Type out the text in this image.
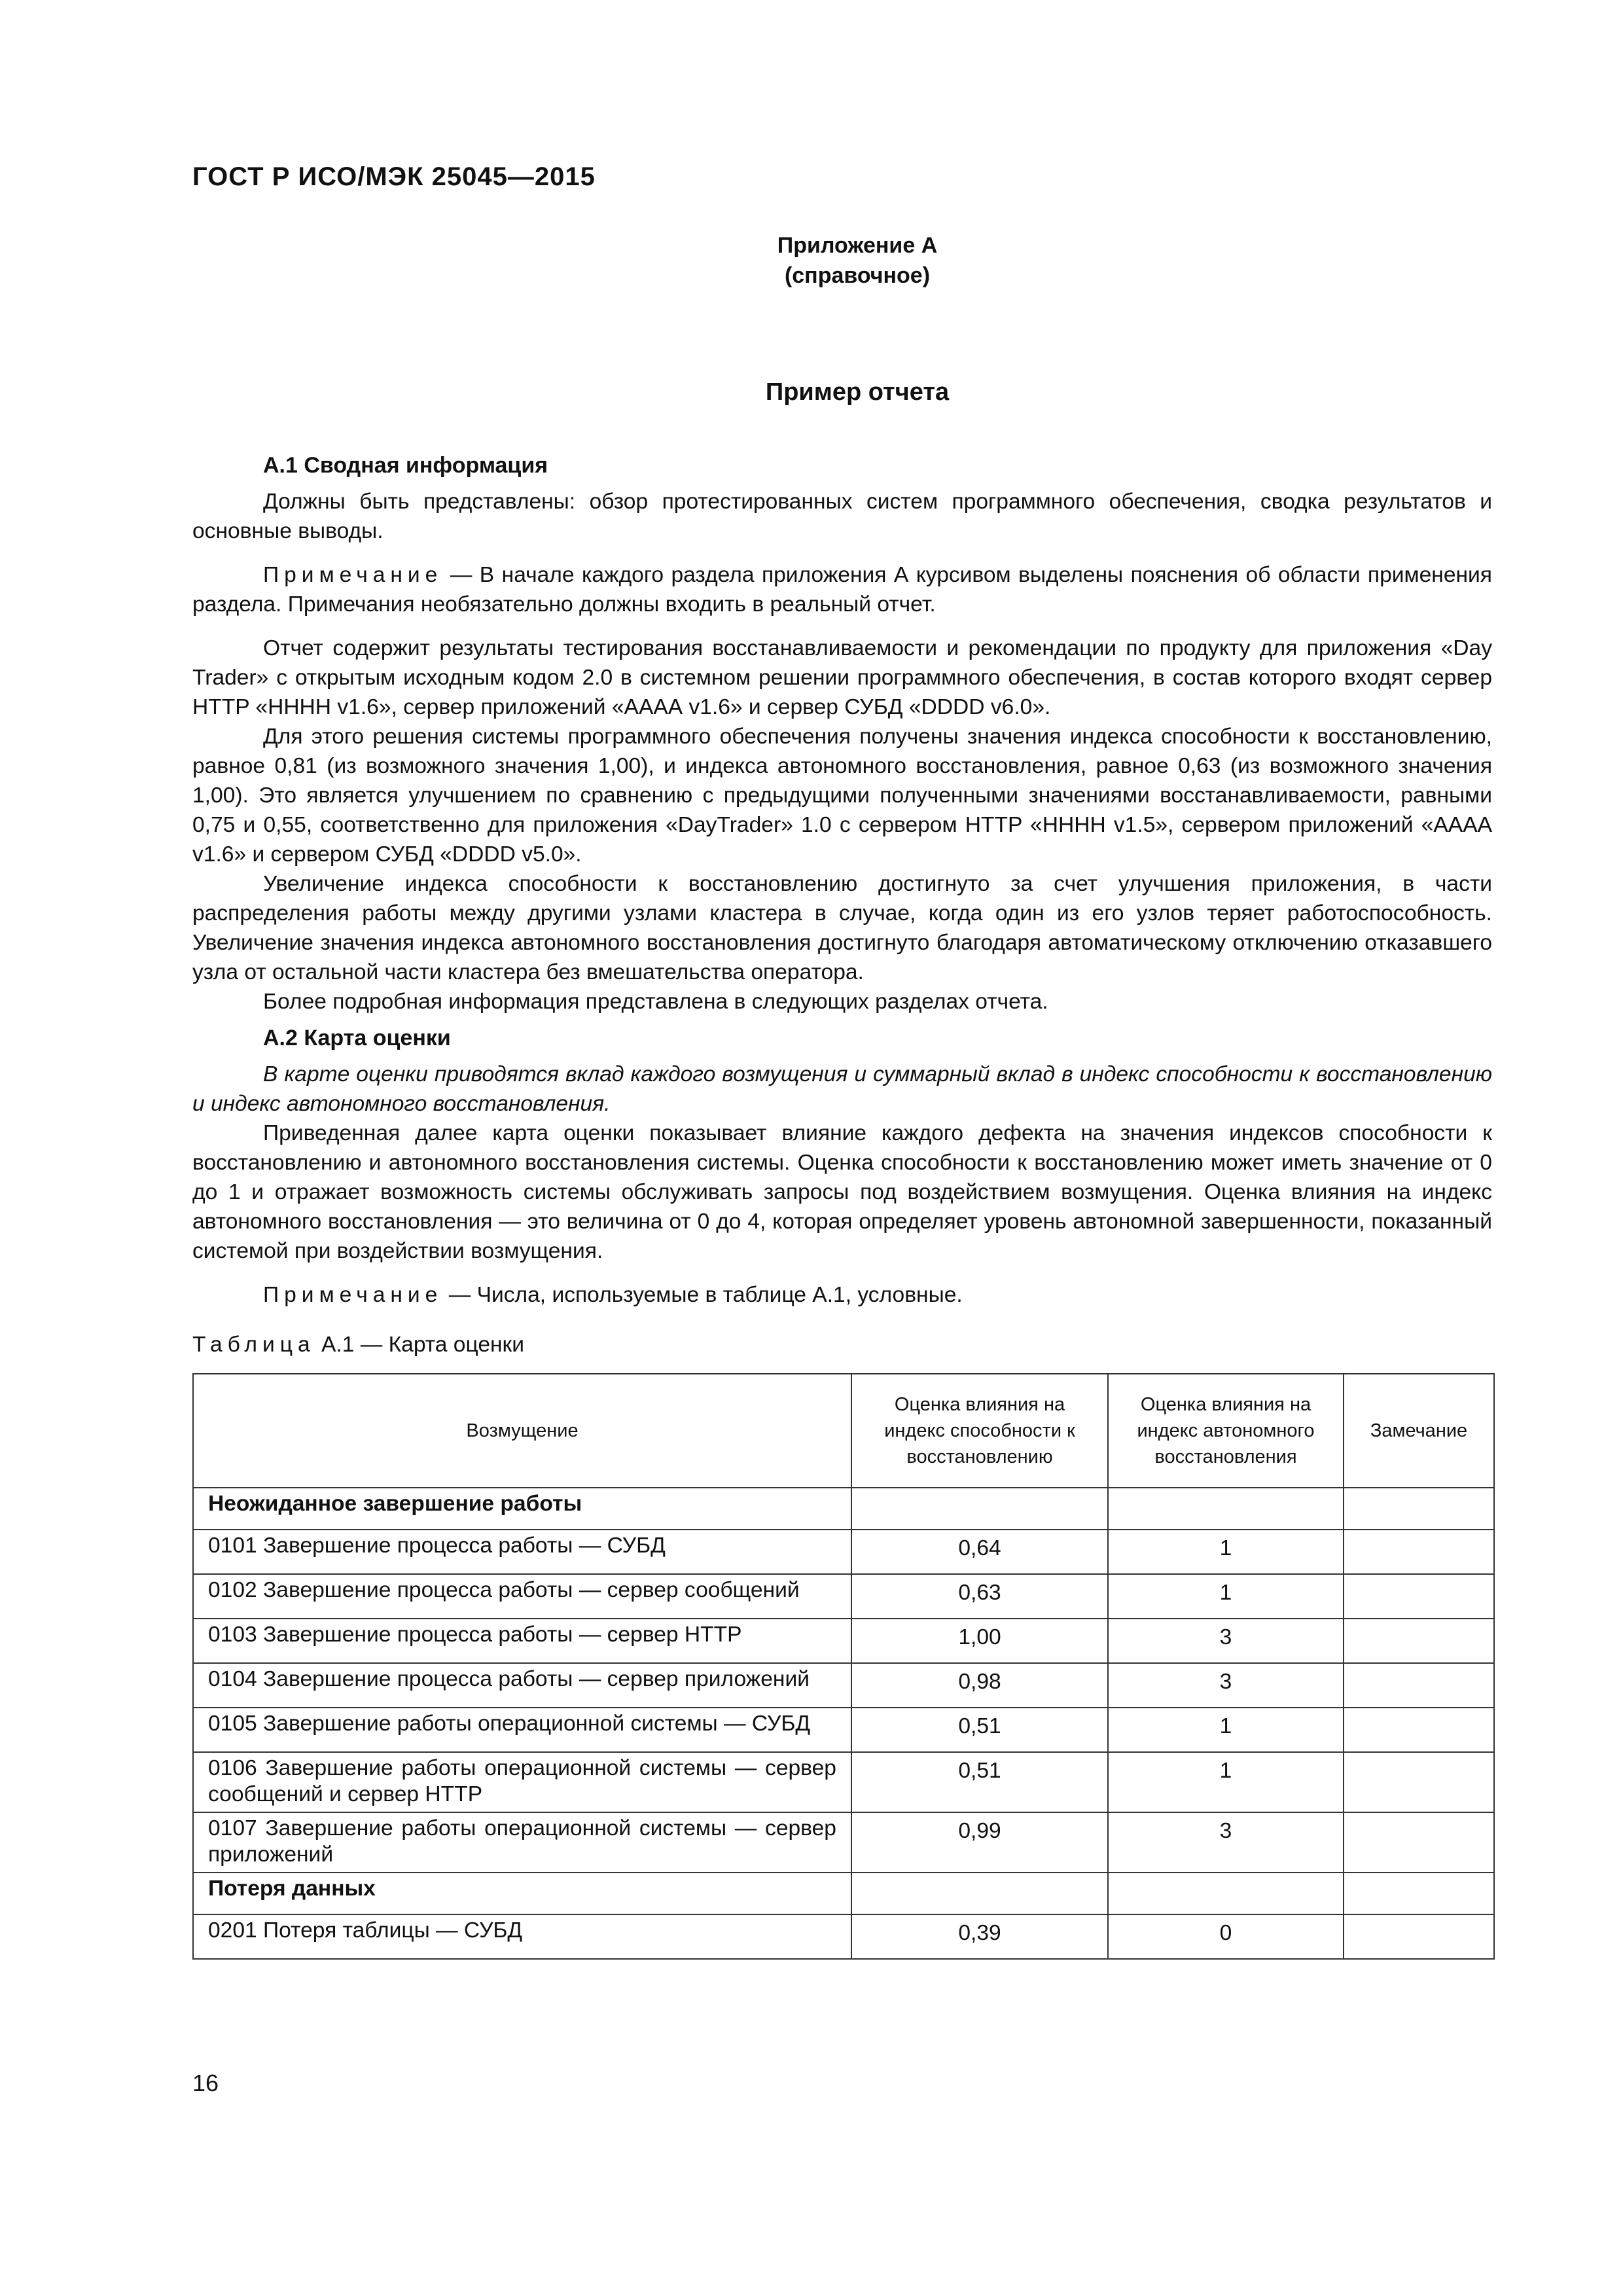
ГОСТ Р ИСО/МЭК 25045—2015
Приложение А
(справочное)
Пример отчета
А.1 Сводная информация

Должны быть представлены: обзор протестированных систем программного обеспечения, сводка результатов и основные выводы.

Примечание — В начале каждого раздела приложения А курсивом выделены пояснения об области применения раздела. Примечания необязательно должны входить в реальный отчет.

Отчет содержит результаты тестирования восстанавливаемости и рекомендации по продукту для приложения «Day Trader» с открытым исходным кодом 2.0 в системном решении программного обеспечения, в состав которого входят сервер HTTP «НННН v1.6», сервер приложений «АААА v1.6» и сервер СУБД «DDDD v6.0».

Для этого решения системы программного обеспечения получены значения индекса способности к восстановлению, равное 0,81 (из возможного значения 1,00), и индекса автономного восстановления, равное 0,63 (из возможного значения 1,00). Это является улучшением по сравнению с предыдущими полученными значениями восстанавливаемости, равными 0,75 и 0,55, соответственно для приложения «DayTrader» 1.0 с сервером HTTP «НННН v1.5», сервером приложений «АААА v1.6» и сервером СУБД «DDDD v5.0».

Увеличение индекса способности к восстановлению достигнуто за счет улучшения приложения, в части распределения работы между другими узлами кластера в случае, когда один из его узлов теряет работоспособность. Увеличение значения индекса автономного восстановления достигнуто благодаря автоматическому отключению отказавшего узла от остальной части кластера без вмешательства оператора.

Более подробная информация представлена в следующих разделах отчета.

А.2 Карта оценки

В карте оценки приводятся вклад каждого возмущения и суммарный вклад в индекс способности к восстановлению и индекс автономного восстановления.

Приведенная далее карта оценки показывает влияние каждого дефекта на значения индексов способности к восстановлению и автономного восстановления системы. Оценка способности к восстановлению может иметь значение от 0 до 1 и отражает возможность системы обслуживать запросы под воздействием возмущения. Оценка влияния на индекс автономного восстановления — это величина от 0 до 4, которая определяет уровень автономной завершенности, показанный системой при воздействии возмущения.

Примечание — Числа, используемые в таблице А.1, условные.

Таблица А.1 — Карта оценки
Возмущение	Оценка влияния на индекс способности к восстановлению	Оценка влияния на индекс автономного восстановления	Замечание
Неожиданное завершение работы			
0101 Завершение процесса работы — СУБД	0,64	1	
0102 Завершение процесса работы — сервер сообщений	0,63	1	
0103 Завершение процесса работы — сервер HTTP	1,00	3	
0104 Завершение процесса работы — сервер приложений	0,98	3	
0105 Завершение работы операционной системы — СУБД	0,51	1	
0106 Завершение работы операционной системы — сервер сообщений и сервер HTTP	0,51	1	
0107 Завершение работы операционной системы — сервер приложений	0,99	3	
Потеря данных			
0201 Потеря таблицы — СУБД	0,39	0	
16
